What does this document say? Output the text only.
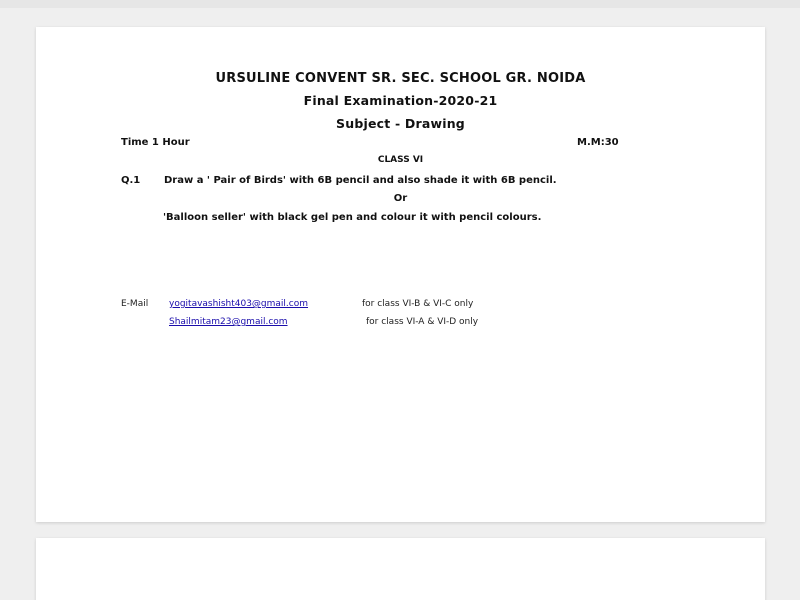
URSULINE CONVENT SR. SEC. SCHOOL GR. NOIDA
Final Examination-2020-21
Subject - Drawing
Time 1 Hour	M.M:30
CLASS VI
Q.1 Draw a ' Pair of Birds' with 6B pencil and also shade it with 6B pencil.
Or
'Balloon seller' with black gel pen and colour it with pencil colours.
E-Mail yogitavashisht403@gmail.com	for class VI-B & VI-C only
Shailmitam23@gmail.com	for class VI-A & VI-D only
